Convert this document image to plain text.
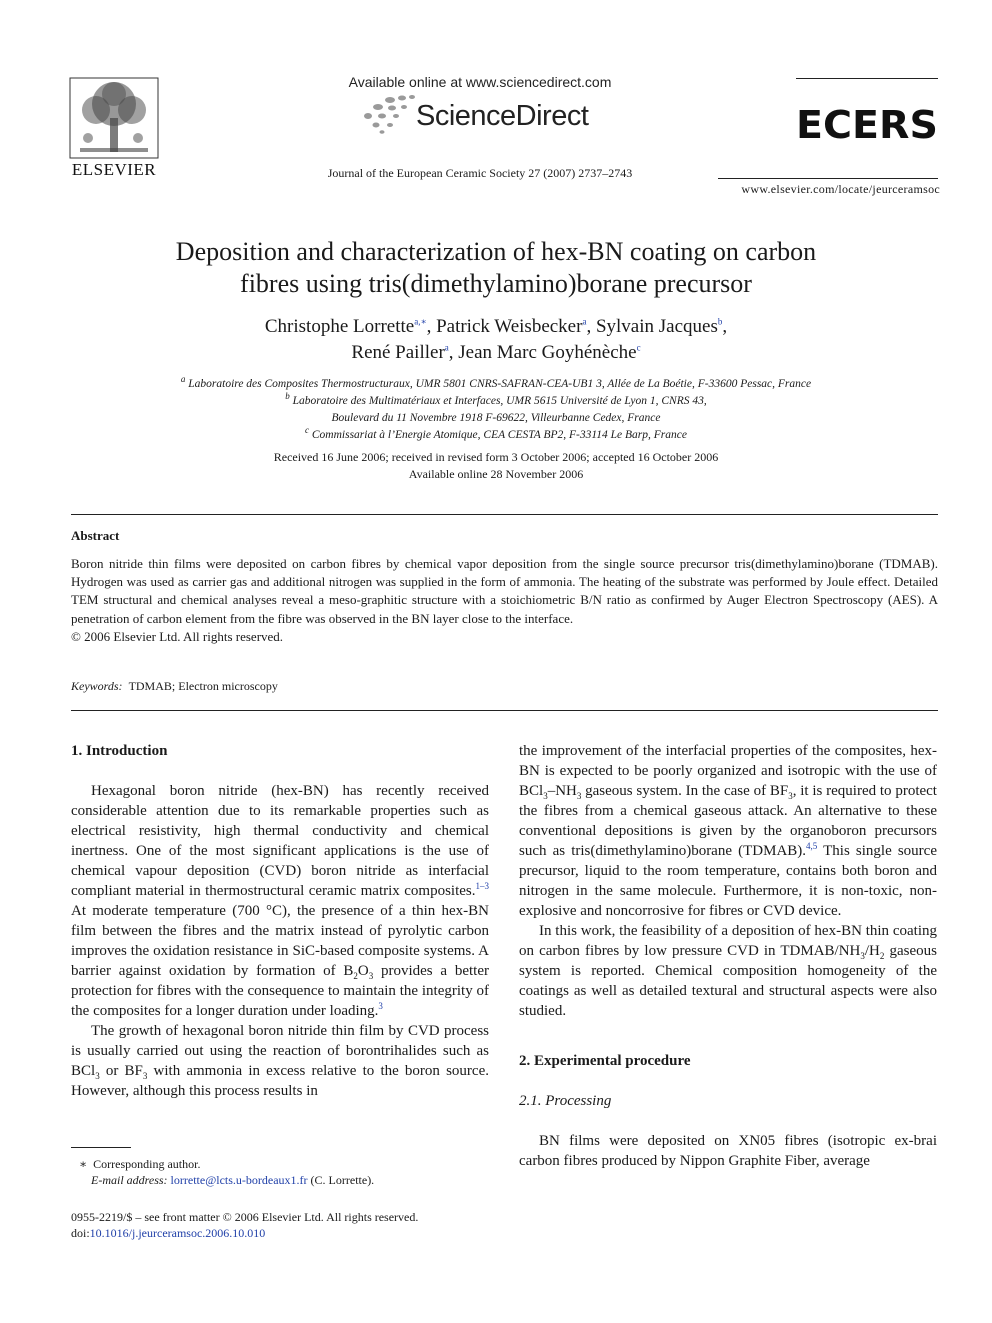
ELSEVIER
Available online at www.sciencedirect.com
ScienceDirect
Journal of the European Ceramic Society 27 (2007) 2737–2743
ECERS
www.elsevier.com/locate/jeurceramsoc
Deposition and characterization of hex-BN coating on carbon
fibres using tris(dimethylamino)borane precursor
Christophe Lorrette$^{a,∗}$, Patrick Weisbecker$^a$, Sylvain Jacques$^b$,
René Pailler$^a$, Jean Marc Goyhénèche$^c$
$^a$ Laboratoire des Composites Thermostructuraux, UMR 5801 CNRS-SAFRAN-CEA-UB1 3, Allée de La Boétie, F-33600 Pessac, France
$^b$ Laboratoire des Multimatériaux et Interfaces, UMR 5615 Université de Lyon 1, CNRS 43,
Boulevard du 11 Novembre 1918 F-69622, Villeurbanne Cedex, France
$^c$ Commissariat à l’Energie Atomique, CEA CESTA BP2, F-33114 Le Barp, France
Received 16 June 2006; received in revised form 3 October 2006; accepted 16 October 2006
Available online 28 November 2006
Abstract
Boron nitride thin films were deposited on carbon fibres by chemical vapor deposition from the single source precursor tris(dimethylamino)borane (TDMAB). Hydrogen was used as carrier gas and additional nitrogen was supplied in the form of ammonia. The heating of the substrate was performed by Joule effect. Detailed TEM structural and chemical analyses reveal a meso-graphitic structure with a stoichiometric B/N ratio as confirmed by Auger Electron Spectroscopy (AES). A penetration of carbon element from the fibre was observed in the BN layer close to the interface.
© 2006 Elsevier Ltd. All rights reserved.
Keywords: TDMAB; Electron microscopy
1. Introduction

Hexagonal boron nitride (hex-BN) has recently received considerable attention due to its remarkable properties such as electrical resistivity, high thermal conductivity and chemical inertness. One of the most significant applications is the use of chemical vapour deposition (CVD) boron nitride as interfacial compliant material in thermostructural ceramic matrix composites.$^{1-3}$ At moderate temperature (700 °C), the presence of a thin hex-BN film between the fibres and the matrix instead of pyrolytic carbon improves the oxidation resistance in SiC-based composite systems. A barrier against oxidation by formation of $B_2O_3$ provides a better protection for fibres with the consequence to maintain the integrity of the composites for a longer duration under loading.$^3$

The growth of hexagonal boron nitride thin film by CVD process is usually carried out using the reaction of borontrihalides such as BCl$_3$ or $BF_3$ with ammonia in excess relative to the boron source. However, although this process results in

the improvement of the interfacial properties of the composites, hex-BN is expected to be poorly organized and isotropic with the use of $BCl_3-NH_3$ gaseous system. In the case of $BF_3$, it is required to protect the fibres from a chemical gaseous attack. An alternative to these conventional depositions is given by the organoboron precursors such as tris(dimethylamino)borane (TDMAB).$^{4,5}$ This single source precursor, liquid to the room temperature, contains both boron and nitrogen in the same molecule. Furthermore, it is non-toxic, non-explosive and noncorrosive for fibres or CVD device.

In this work, the feasibility of a deposition of hex-BN thin coating on carbon fibres by low pressure CVD in TDMAB/$NH_3/H_2$ gaseous system is reported. Chemical composition homogeneity of the coatings as well as detailed textural and structural aspects were also studied.

2. Experimental procedure
2.1. Processing

BN films were deposited on XN05 fibres (isotropic ex-brai carbon fibres produced by Nippon Graphite Fiber, average

∗ Corresponding author.
E-mail address: lorrette@lcts.u-bordeaux1.fr (C. Lorrette).
0955-2219/$ – see front matter © 2006 Elsevier Ltd. All rights reserved.
doi:10.1016/j.jeurceramsoc.2006.10.010
